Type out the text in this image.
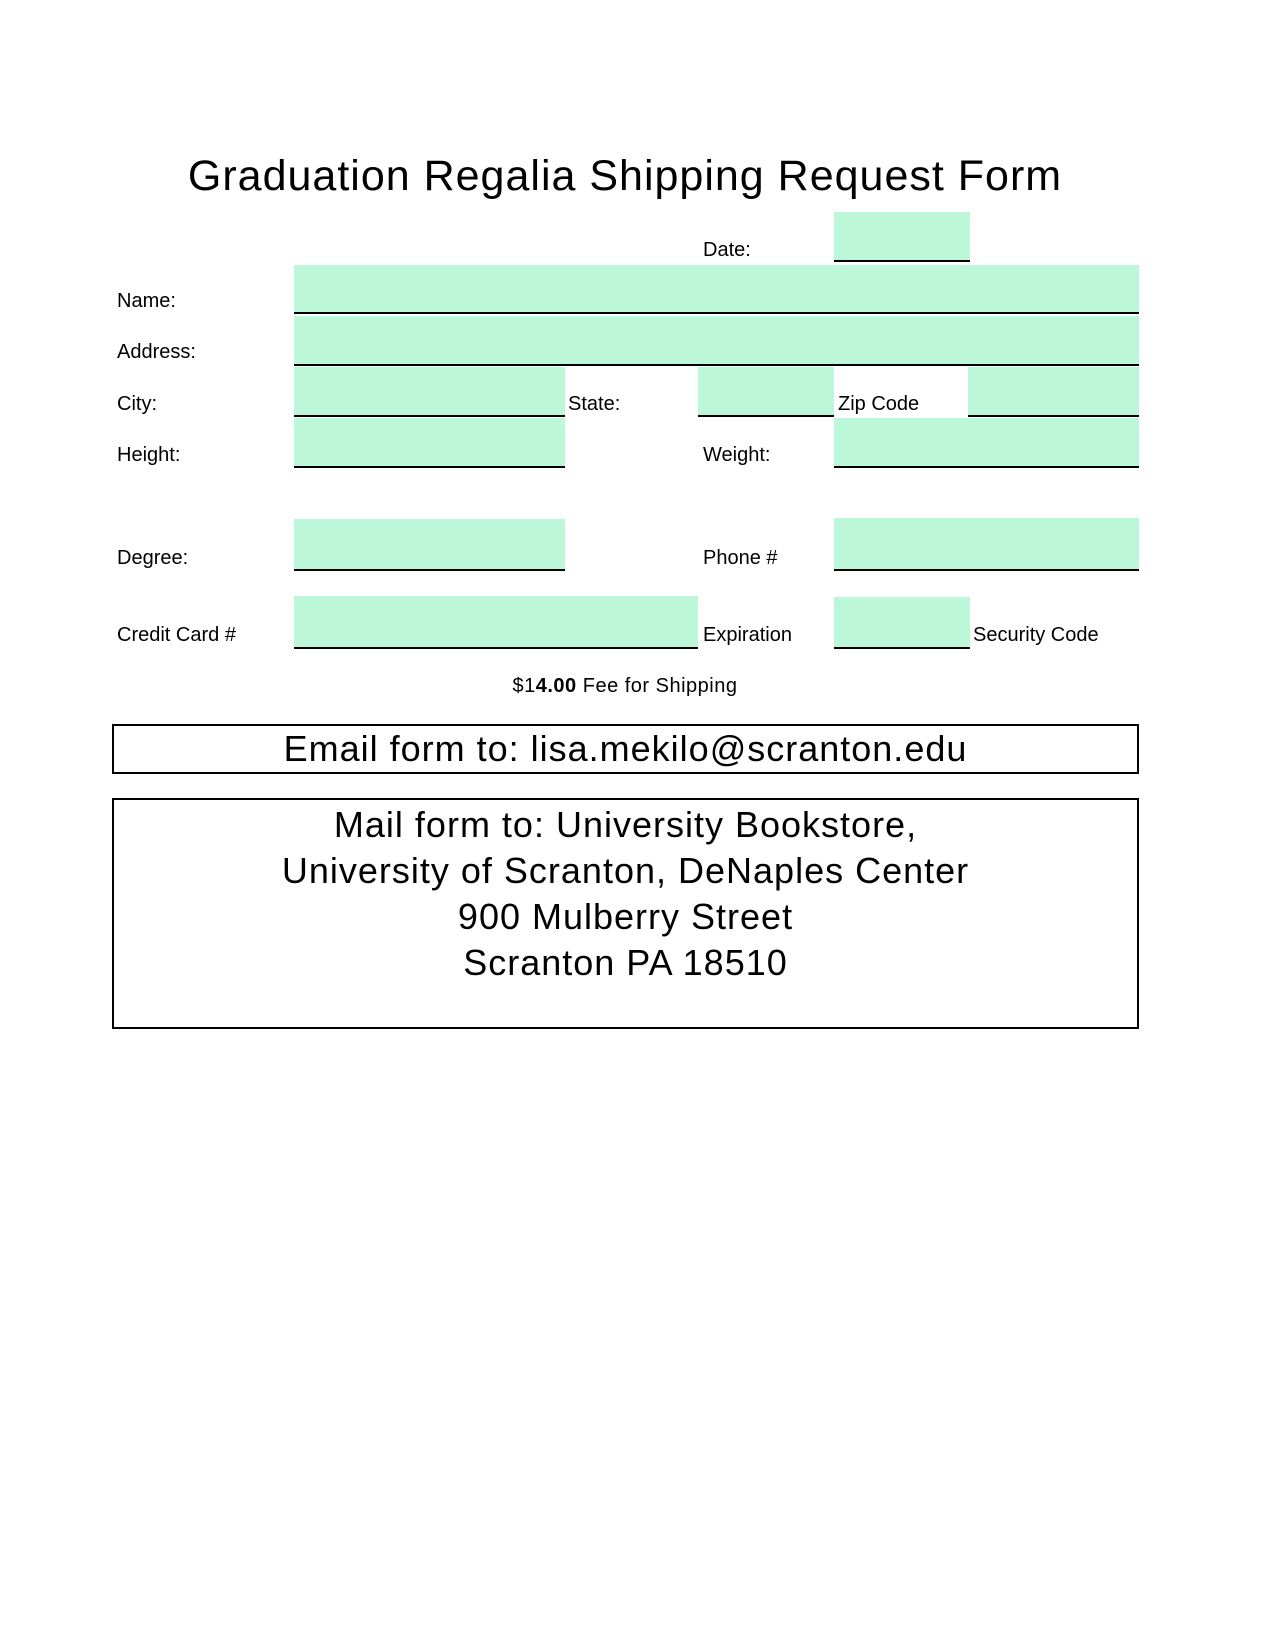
Graduation Regalia Shipping Request Form
Date:
Name:
Address:
City:	State:	Zip Code
Height:	Weight:
Degree:	Phone #
Credit Card #	Expiration	Security Code
$14.00 Fee for Shipping
Email form to: lisa.mekilo@scranton.edu
Mail form to: University Bookstore,
University of Scranton, DeNaples Center
900 Mulberry Street
Scranton PA 18510
